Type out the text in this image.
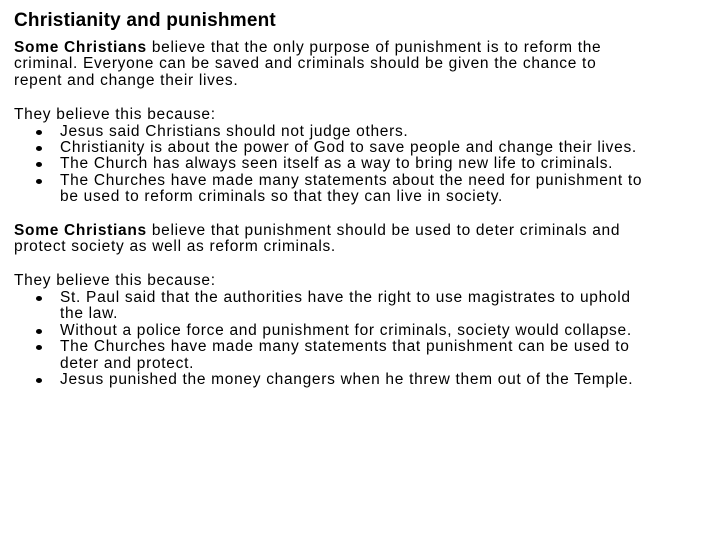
Christianity and punishment

Some Christians believe that the only purpose of punishment is to reform the criminal. Everyone can be saved and criminals should be given the chance to repent and change their lives.

They believe this because:

Jesus said Christians should not judge others.
Christianity is about the power of God to save people and change their lives.
The Church has always seen itself as a way to bring new life to criminals.
The Churches have made many statements about the need for punishment to be used to reform criminals so that they can live in society.

Some Christians believe that punishment should be used to deter criminals and protect society as well as reform criminals.

They believe this because:

St. Paul said that the authorities have the right to use magistrates to uphold the law.
Without a police force and punishment for criminals, society would collapse.
The Churches have made many statements that punishment can be used to deter and protect.
Jesus punished the money changers when he threw them out of the Temple.
